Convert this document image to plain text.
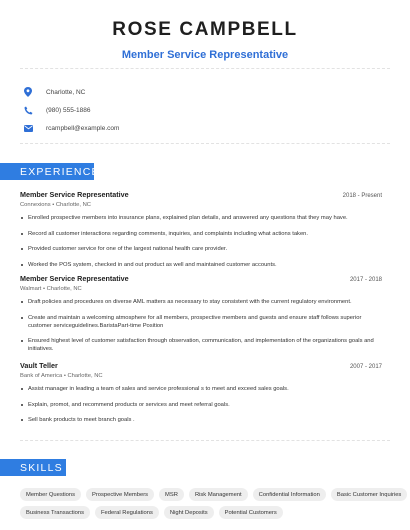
ROSE CAMPBELL
Member Service Representative
Charlotte, NC
(980) 555-1886
rcampbell@example.com
EXPERIENCE
Member Service Representative	2018 - Present
Connexions • Charlotte, NC
Enrolled prospective members into insurance plans, explained plan details, and answered any questions that they may have.
Record all customer interactions regarding comments, inquiries, and complaints including what actions taken.
Provided customer service for one of the largest national health care provider.
Worked the POS system, checked in and out product as well and maintained customer accounts.
Member Service Representative	2017 - 2018
Walmart • Charlotte, NC
Draft policies and procedures on diverse AML matters as necessary to stay consistent with the current regulatory environment.
Create and maintain a welcoming atmosphere for all members, prospective members and guests and ensure staff follows superior customer serviceguidelines.BaristaPart-time Position
Ensured highest level of customer satisfaction through observation, communication, and implementation of the organizations goals and initiatives.
Vault Teller	2007 - 2017
Bank of America • Charlotte, NC
Assist manager in leading a team of sales and service professional s to meet and exceed sales goals.
Explain, promot, and recommend products or services and meet referral goals.
Sell bank products to meet branch goals .
SKILLS
Member Questions	Prospective Members	MSR	Risk Management	Confidential Information	Basic Customer Inquiries
Business Transactions	Federal Regulations	Night Deposits	Potential Customers
